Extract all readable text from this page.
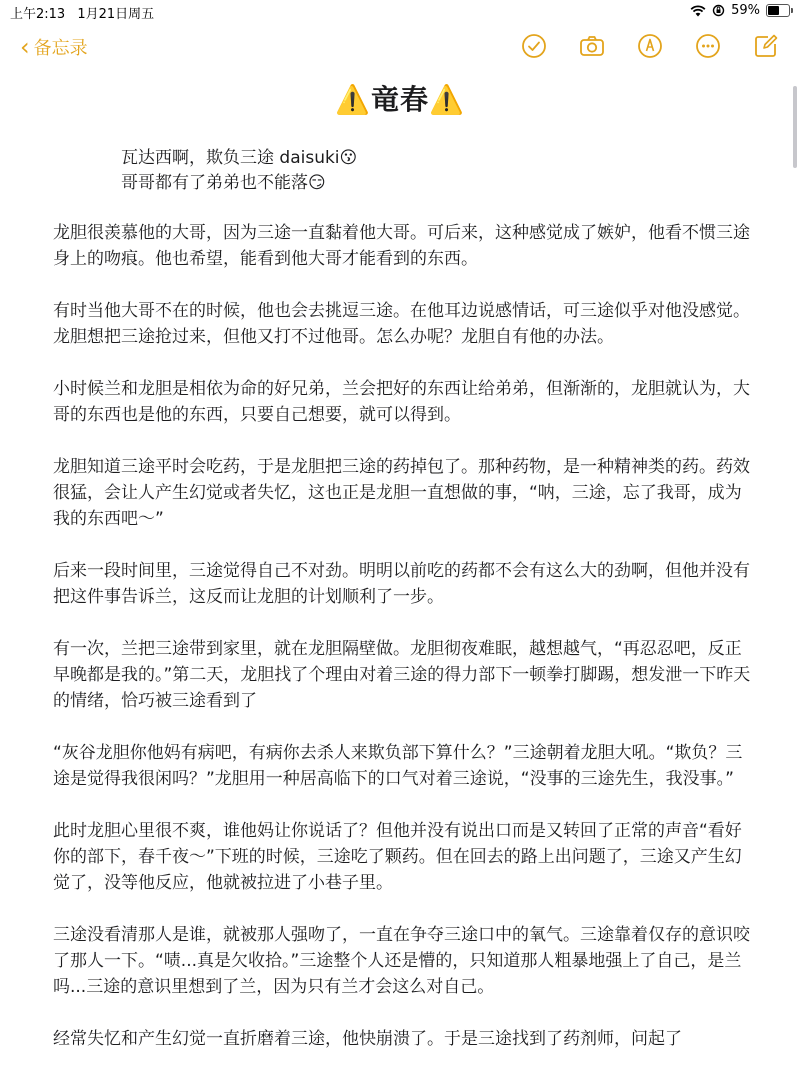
上午2:13 1月21日周五	59%
‹ 备忘录
⚠️竜春⚠️
瓦达西啊，欺负三途 daisuki😗
哥哥都有了弟弟也不能落😏

龙胆很羡慕他的大哥，因为三途一直黏着他大哥。可后来，这种感觉成了嫉妒，他看不惯三途身上的吻痕。他也希望，能看到他大哥才能看到的东西。

有时当他大哥不在的时候，他也会去挑逗三途。在他耳边说感情话，可三途似乎对他没感觉。龙胆想把三途抢过来，但他又打不过他哥。怎么办呢？龙胆自有他的办法。

小时候兰和龙胆是相依为命的好兄弟，兰会把好的东西让给弟弟，但渐渐的，龙胆就认为，大哥的东西也是他的东西，只要自己想要，就可以得到。

龙胆知道三途平时会吃药，于是龙胆把三途的药掉包了。那种药物，是一种精神类的药。药效很猛，会让人产生幻觉或者失忆，这也正是龙胆一直想做的事，“呐，三途，忘了我哥，成为我的东西吧～”

后来一段时间里，三途觉得自己不对劲。明明以前吃的药都不会有这么大的劲啊，但他并没有把这件事告诉兰，这反而让龙胆的计划顺利了一步。

有一次，兰把三途带到家里，就在龙胆隔壁做。龙胆彻夜难眠，越想越气，“再忍忍吧，反正早晚都是我的。”第二天，龙胆找了个理由对着三途的得力部下一顿拳打脚踢，想发泄一下昨天的情绪，恰巧被三途看到了

“灰谷龙胆你他妈有病吧，有病你去杀人来欺负部下算什么？”三途朝着龙胆大吼。“欺负？三途是觉得我很闲吗？”龙胆用一种居高临下的口气对着三途说，“没事的三途先生，我没事。”

此时龙胆心里很不爽，谁他妈让你说话了？但他并没有说出口而是又转回了正常的声音“看好你的部下，春千夜～”下班的时候，三途吃了颗药。但在回去的路上出问题了，三途又产生幻觉了，没等他反应，他就被拉进了小巷子里。

三途没看清那人是谁，就被那人强吻了，一直在争夺三途口中的氧气。三途靠着仅存的意识咬了那人一下。“啧...真是欠收拾。”三途整个人还是懵的，只知道那人粗暴地强上了自己，是兰吗...三途的意识里想到了兰，因为只有兰才会这么对自己。

经常失忆和产生幻觉一直折磨着三途，他快崩溃了。于是三途找到了药剂师，问起了
